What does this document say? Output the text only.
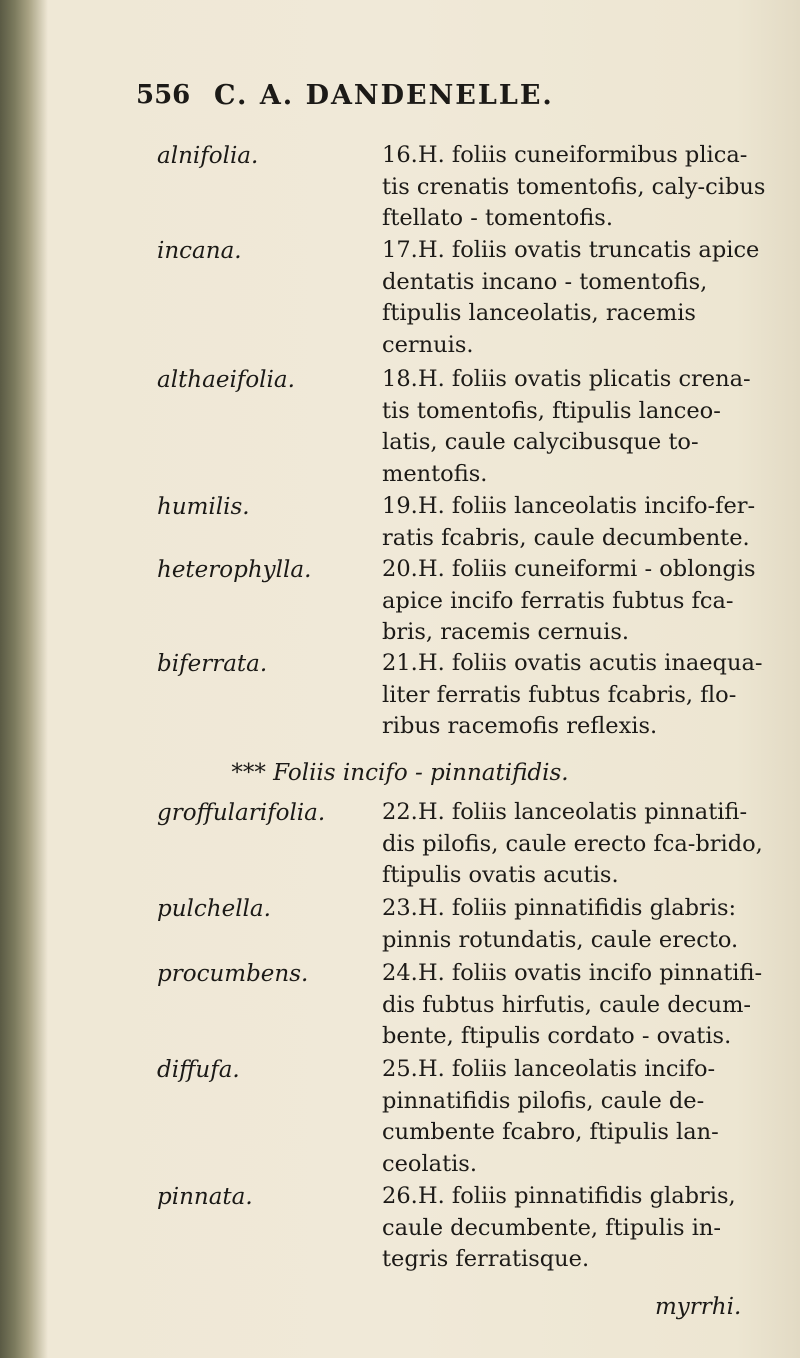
556 C. A. DANDENELLE.
alnifolia.	16.H. foliis cuneiformibus plica-tis crenatis tomentofis, caly-cibus ftellato - tomentofis.
incana.	17.H. foliis ovatis truncatis apice dentatis incano - tomentofis, ftipulis lanceolatis, racemis cernuis.
althaeifolia.	18.H. foliis ovatis plicatis crena-tis tomentofis, ftipulis lanceo-latis, caule calycibusque to-mentofis.
humilis.	19.H. foliis lanceolatis incifo-fer-ratis fcabris, caule decumbente.
heterophylla.	20.H. foliis cuneiformi - oblongis apice incifo ferratis fubtus fca-bris, racemis cernuis.
biferrata.	21.H. foliis ovatis acutis inaequa-liter ferratis fubtus fcabris, flo-ribus racemofis reflexis.
*** Foliis incifo - pinnatifidis.
groffularifolia.	22.H. foliis lanceolatis pinnatifi-dis pilofis, caule erecto fca-brido, ftipulis ovatis acutis.
pulchella.	23.H. foliis pinnatifidis glabris: pinnis rotundatis, caule erecto.
procumbens.	24.H. foliis ovatis incifo pinnatifi-dis fubtus hirfutis, caule decum-bente, ftipulis cordato - ovatis.
diffufa.	25.H. foliis lanceolatis incifo-pinnatifidis pilofis, caule de-cumbente fcabro, ftipulis lan-ceolatis.
pinnata.	26.H. foliis pinnatifidis glabris, caule decumbente, ftipulis in-tegris ferratisque.
myrrhi.
